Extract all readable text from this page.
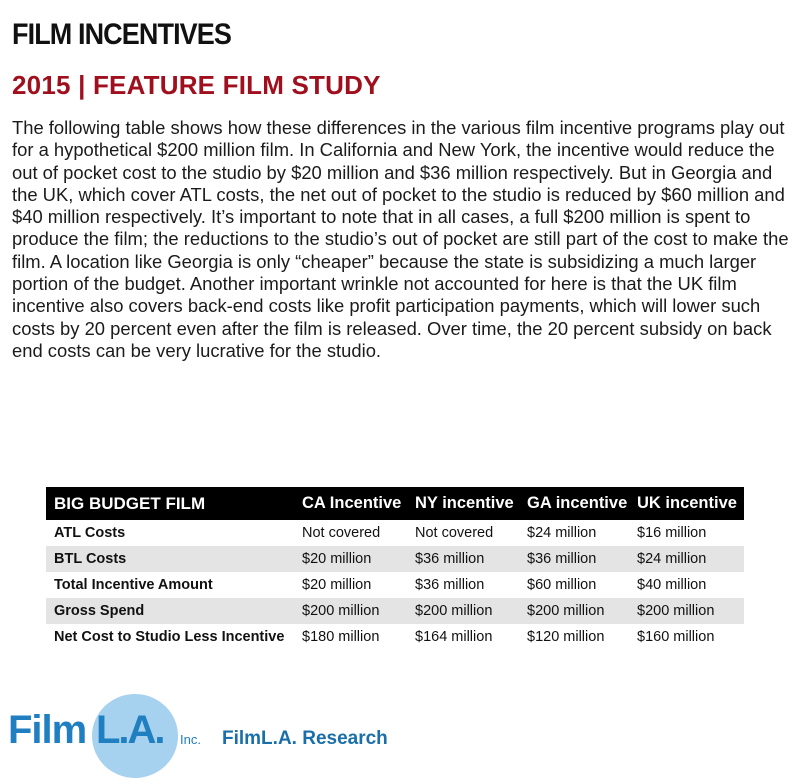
FILM INCENTIVES
2015 | FEATURE FILM STUDY

The following table shows how these differences in the various film incentive programs play out for a hypothetical $200 million film. In California and New York, the incentive would reduce the out of pocket cost to the studio by $20 million and $36 million respectively. But in Georgia and the UK, which cover ATL costs, the net out of pocket to the studio is reduced by $60 million and $40 million respectively. It’s important to note that in all cases, a full $200 million is spent to produce the film; the reductions to the studio’s out of pocket are still part of the cost to make the film. A location like Georgia is only “cheaper” because the state is subsidizing a much larger portion of the budget. Another important wrinkle not accounted for here is that the UK film incentive also covers back-end costs like profit participation payments, which will lower such costs by 20 percent even after the film is released. Over time, the 20 percent subsidy on back end costs can be very lucrative for the studio.

BIG BUDGET FILM	CA Incentive	NY incentive	GA incentive	UK incentive
ATL Costs	Not covered	Not covered	$24 million	$16 million
BTL Costs	$20 million	$36 million	$36 million	$24 million
Total Incentive Amount	$20 million	$36 million	$60 million	$40 million
Gross Spend	$200 million	$200 million	$200 million	$200 million
Net Cost to Studio Less Incentive	$180 million	$164 million	$120 million	$160 million
Film L.A. Inc. FilmL.A. Research
